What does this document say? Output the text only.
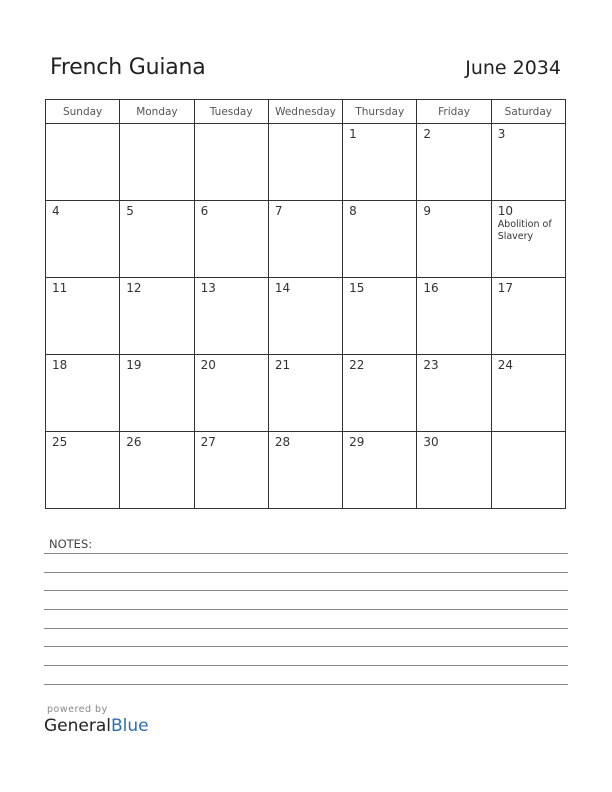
French Guiana	June 2034
Sunday	Monday	Tuesday	Wednesday	Thursday	Friday	Saturday

				1	2	3

4	5	6	7	8	9	10
Abolition of Slavery

11	12	13	14	15	16	17

18	19	20	21	22	23	24

25	26	27	28	29	30	

NOTES:
powered by
GeneralBlue
